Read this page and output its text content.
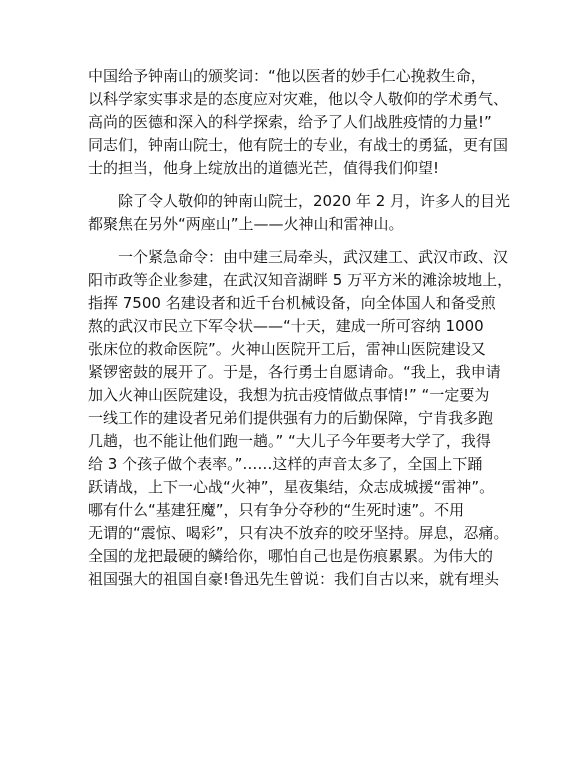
中国给予钟南山的颁奖词：“他以医者的妙手仁心挽救生命，
以科学家实事求是的态度应对灾难，他以令人敬仰的学术勇气、
高尚的医德和深入的科学探索，给予了人们战胜疫情的力量!”
同志们，钟南山院士，他有院士的专业，有战士的勇猛，更有国
士的担当，他身上绽放出的道德光芒，值得我们仰望!

除了令人敬仰的钟南山院士，2020 年 2 月，许多人的目光
都聚焦在另外“两座山”上——火神山和雷神山。

一个紧急命令：由中建三局牵头，武汉建工、武汉市政、汉
阳市政等企业参建，在武汉知音湖畔 5 万平方米的滩涂坡地上，
指挥 7500 名建设者和近千台机械设备，向全体国人和备受煎
熬的武汉市民立下军令状——“十天，建成一所可容纳 1000
张床位的救命医院”。火神山医院开工后，雷神山医院建设又
紧锣密鼓的展开了。于是，各行勇士自愿请命。“我上，我申请
加入火神山医院建设，我想为抗击疫情做点事情!” “一定要为
一线工作的建设者兄弟们提供强有力的后勤保障，宁肯我多跑
几趟，也不能让他们跑一趟。” “大儿子今年要考大学了，我得
给 3 个孩子做个表率。”……这样的声音太多了，全国上下踊
跃请战，上下一心战“火神”，星夜集结，众志成城援“雷神”。
哪有什么“基建狂魔”，只有争分夺秒的“生死时速”。不用
无谓的“震惊、喝彩”，只有决不放弃的咬牙坚持。屏息，忍痛。
全国的龙把最硬的鳞给你，哪怕自己也是伤痕累累。为伟大的
祖国强大的祖国自豪!鲁迅先生曾说：我们自古以来，就有埋头
